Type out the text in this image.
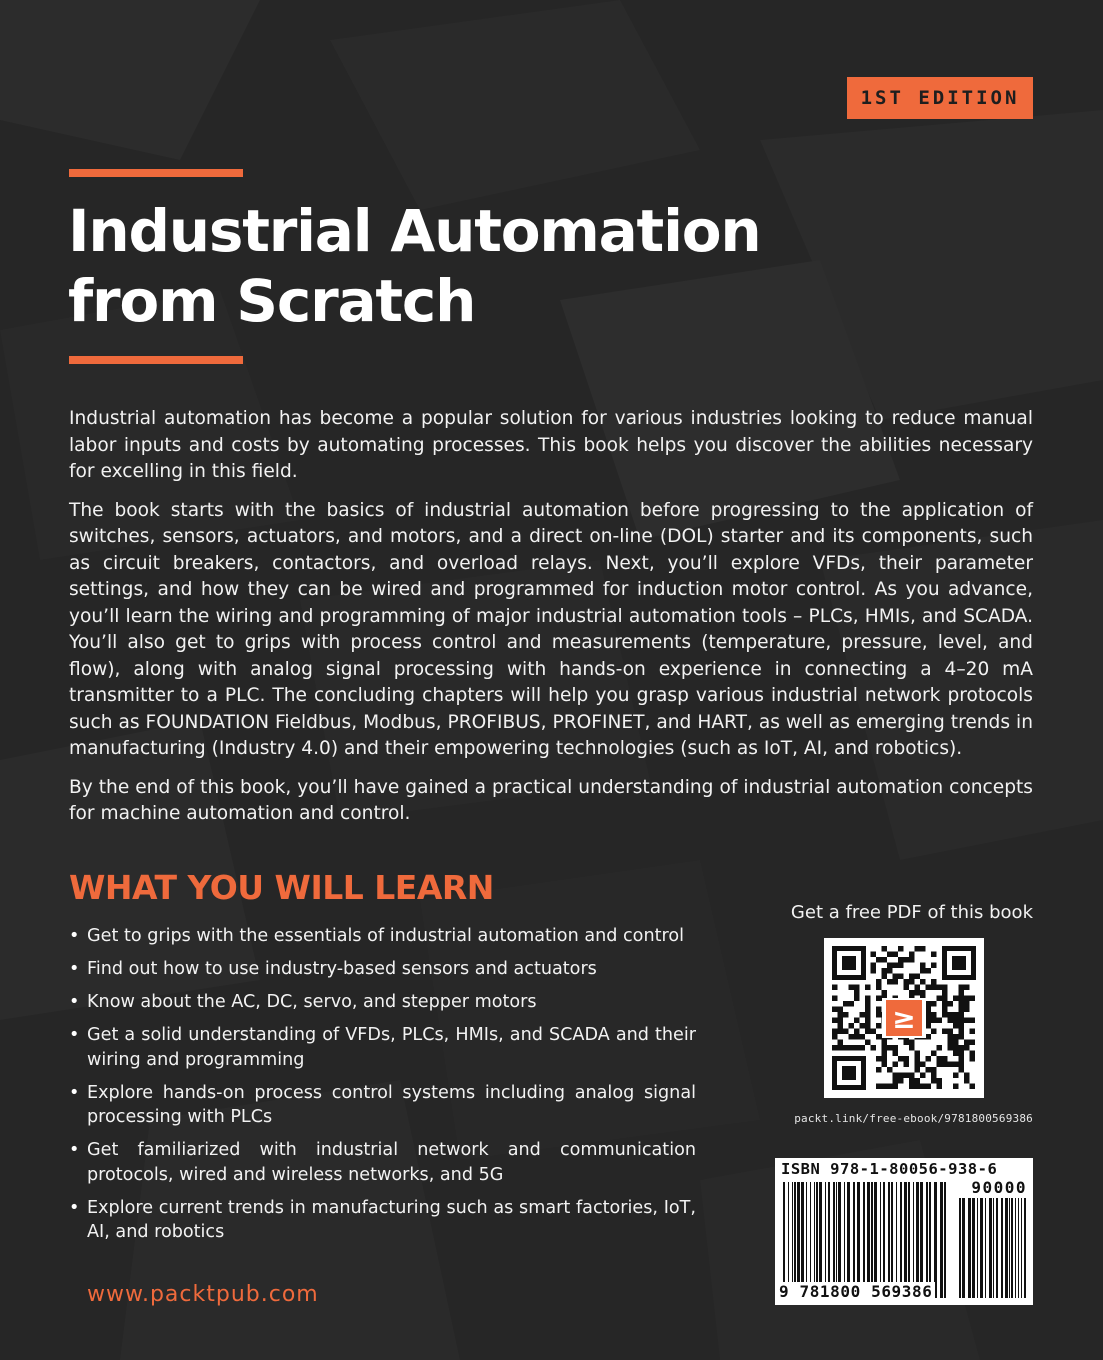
1ST EDITION
Industrial Automation
from Scratch

Industrial automation has become a popular solution for various industries looking to reduce manual labor inputs and costs by automating processes. This book helps you discover the abilities necessary for excelling in this field.

The book starts with the basics of industrial automation before progressing to the application of switches, sensors, actuators, and motors, and a direct on-line (DOL) starter and its components, such as circuit breakers, contactors, and overload relays. Next, you’ll explore VFDs, their parameter settings, and how they can be wired and programmed for induction motor control. As you advance, you’ll learn the wiring and programming of major industrial automation tools – PLCs, HMIs, and SCADA. You’ll also get to grips with process control and measurements (temperature, pressure, level, and flow), along with analog signal processing with hands-on experience in connecting a 4–20 mA transmitter to a PLC. The concluding chapters will help you grasp various industrial network protocols such as FOUNDATION Fieldbus, Modbus, PROFIBUS, PROFINET, and HART, as well as emerging trends in manufacturing (Industry 4.0) and their empowering technologies (such as IoT, AI, and robotics).

By the end of this book, you’ll have gained a practical understanding of industrial automation concepts for machine automation and control.

WHAT YOU WILL LEARN
• Get to grips with the essentials of industrial automation and control
• Find out how to use industry-based sensors and actuators
• Know about the AC, DC, servo, and stepper motors
• Get a solid understanding of VFDs, PLCs, HMIs, and SCADA and their wiring and programming
• Explore hands-on process control systems including analog signal processing with PLCs
• Get familiarized with industrial network and communication protocols, wired and wireless networks, and 5G
• Explore current trends in manufacturing such as smart factories, IoT, AI, and robotics
www.packtpub.com
Get a free PDF of this book
≥
packt.link/free-ebook/9781800569386
ISBN 978-1-80056-938-6
90000
9 781800 569386
